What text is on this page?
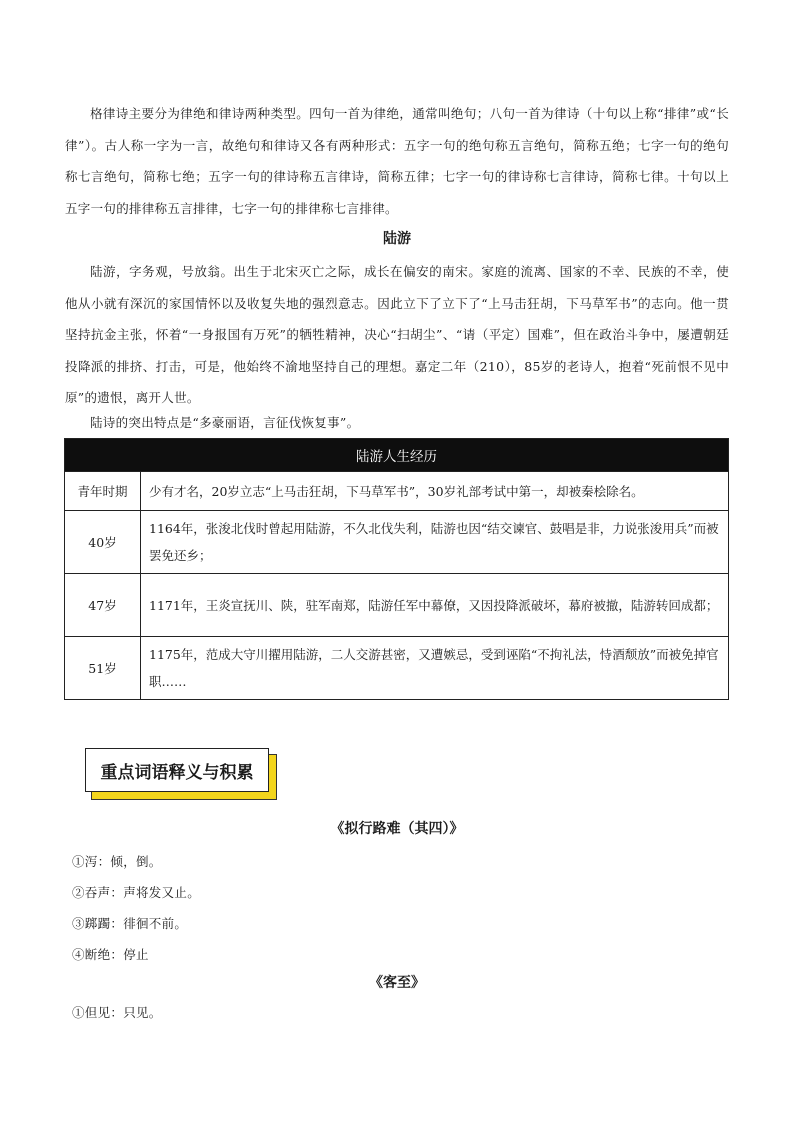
格律诗主要分为律绝和律诗两种类型。四句一首为律绝，通常叫绝句；八句一首为律诗（十句以上称“排律”或“长律”）。古人称一字为一言，故绝句和律诗又各有两种形式：五字一句的绝句称五言绝句，简称五绝；七字一句的绝句称七言绝句，简称七绝；五字一句的律诗称五言律诗，简称五律；七字一句的律诗称七言律诗，简称七律。十句以上五字一句的排律称五言排律，七字一句的排律称七言排律。

陆游

陆游，字务观，号放翁。出生于北宋灭亡之际，成长在偏安的南宋。家庭的流离、国家的不幸、民族的不幸，使他从小就有深沉的家国情怀以及收复失地的强烈意志。因此立下了立下了“上马击狂胡，下马草军书”的志向。他一贯坚持抗金主张，怀着“一身报国有万死”的牺牲精神，决心“扫胡尘”、“请（平定）国难”，但在政治斗争中，屡遭朝廷投降派的排挤、打击，可是，他始终不渝地坚持自己的理想。嘉定二年（210），85岁的老诗人，抱着“死前恨不见中原”的遗恨，离开人世。

陆诗的突出特点是“多豪丽语，言征伐恢复事”。

陆游人生经历	
青年时期	少有才名，20岁立志“上马击狂胡，下马草军书”，30岁礼部考试中第一，却被秦桧除名。
40岁	1164年，张浚北伐时曾起用陆游，不久北伐失利，陆游也因“结交谏官、鼓唱是非，力说张浚用兵”而被罢免还乡；
47岁	1171年，王炎宣抚川、陕，驻军南郑，陆游任军中幕僚，又因投降派破坏，幕府被撤，陆游转回成都；
51岁	1175年，范成大守川擢用陆游，二人交游甚密，又遭嫉忌，受到诬陷“不拘礼法，恃酒颓放”而被免掉官职……
重点词语释义与积累
《拟行路难（其四）》
①泻：倾，倒。
②吞声：声将发又止。
③踯躅：徘徊不前。
④断绝：停止
《客至》
①但见：只见。
